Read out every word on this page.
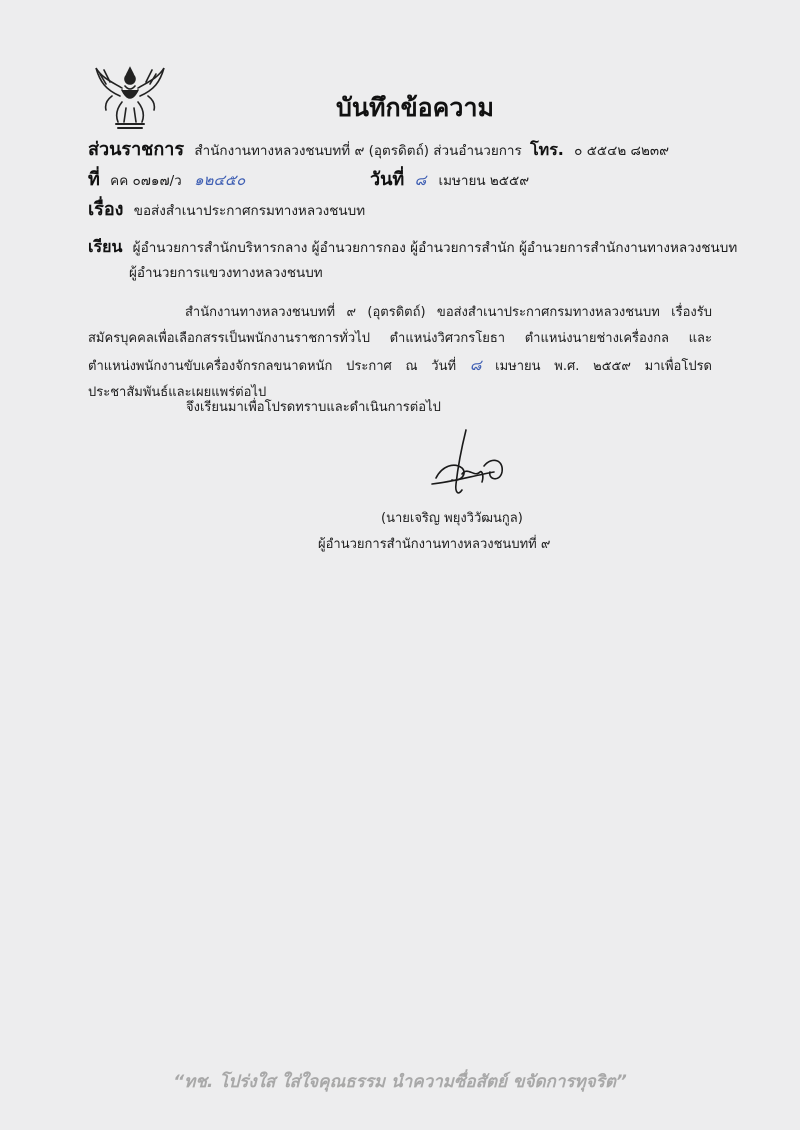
บันทึกข้อความ
ส่วนราชการ สำนักงานทางหลวงชนบทที่ ๙ (อุตรดิตถ์) ส่วนอำนวยการ โทร. ๐ ๕๕๔๒ ๘๒๓๙
ที่ คค ๐๗๑๗/ว ๑๒๔๕๐	วันที่ ๘ เมษายน ๒๕๕๙
เรื่อง ขอส่งสำเนาประกาศกรมทางหลวงชนบท
เรียน ผู้อำนวยการสำนักบริหารกลาง ผู้อำนวยการกอง ผู้อำนวยการสำนัก ผู้อำนวยการสำนักงานทางหลวงชนบท
ผู้อำนวยการแขวงทางหลวงชนบท
สำนักงานทางหลวงชนบทที่ ๙ (อุตรดิตถ์) ขอส่งสำเนาประกาศกรมทางหลวงชนบท เรื่องรับสมัครบุคคลเพื่อเลือกสรรเป็นพนักงานราชการทั่วไป ตำแหน่งวิศวกรโยธา ตำแหน่งนายช่างเครื่องกล และตำแหน่งพนักงานขับเครื่องจักรกลขนาดหนัก ประกาศ ณ วันที่ ๘ เมษายน พ.ศ. ๒๕๕๙ มาเพื่อโปรดประชาสัมพันธ์และเผยแพร่ต่อไป
จึงเรียนมาเพื่อโปรดทราบและดำเนินการต่อไป
(นายเจริญ พยุงวิวัฒนกูล)
ผู้อำนวยการสำนักงานทางหลวงชนบทที่ ๙
“ทช. โปร่งใส ใส่ใจคุณธรรม นำความซื่อสัตย์ ขจัดการทุจริต”
